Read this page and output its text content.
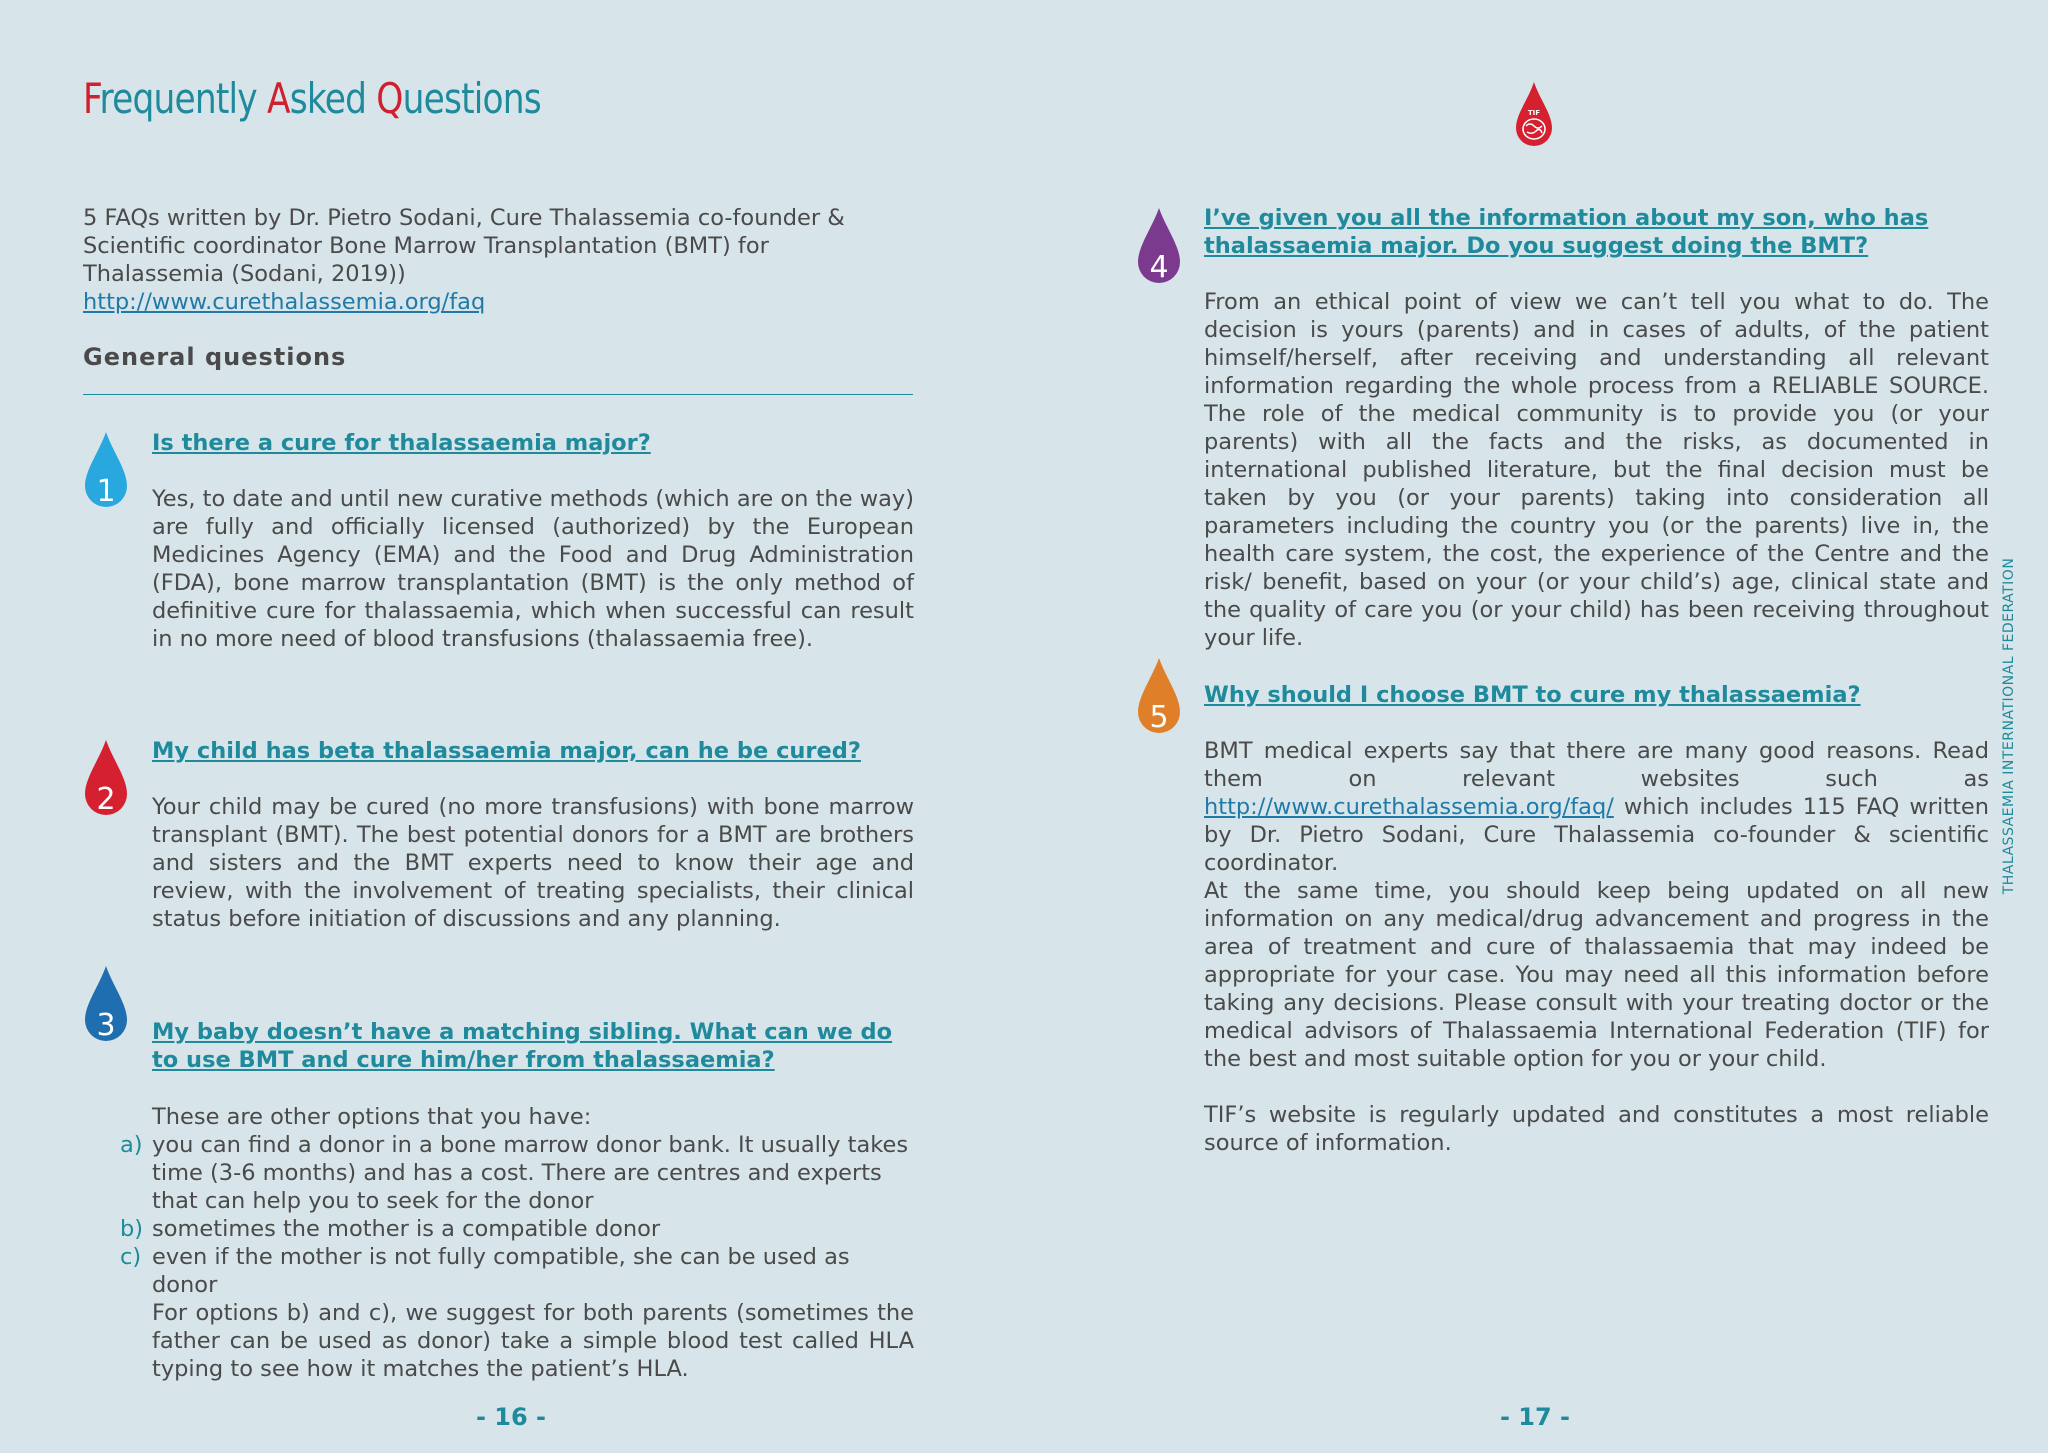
Frequently Asked Questions

5 FAQs written by Dr. Pietro Sodani, Cure Thalassemia co-founder & Scientific coordinator Bone Marrow Transplantation (BMT) for Thalassemia (Sodani, 2019))
http://www.curethalassemia.org/faq

General questions
1

Is there a cure for thalassaemia major?

Yes, to date and until new curative methods (which are on the way) are fully and officially licensed (authorized) by the European Medicines Agency (EMA) and the Food and Drug Administration (FDA), bone marrow transplantation (BMT) is the only method of definitive cure for thalassaemia, which when successful can result in no more need of blood transfusions (thalassaemia free).

2

My child has beta thalassaemia major, can he be cured?

Your child may be cured (no more transfusions) with bone marrow transplant (BMT). The best potential donors for a BMT are brothers and sisters and the BMT experts need to know their age and review, with the involvement of treating specialists, their clinical status before initiation of discussions and any planning.

3 My baby doesn’t have a matching sibling. What can we do to use BMT and cure him/her from thalassaemia?

These are other options that you have:

a) you can find a donor in a bone marrow donor bank. It usually takes time (3-6 months) and has a cost. There are centres and experts that can help you to seek for the donor
b) sometimes the mother is a compatible donor
c) even if the mother is not fully compatible, she can be used as donor

For options b) and c), we suggest for both parents (sometimes the father can be used as donor) take a simple blood test called HLA typing to see how it matches the patient’s HLA.

- 16 -
TIF
4

I’ve given you all the information about my son, who has thalassaemia major. Do you suggest doing the BMT?

From an ethical point of view we can’t tell you what to do. The decision is yours (parents) and in cases of adults, of the patient himself/herself, after receiving and understanding all relevant information regarding the whole process from a RELIABLE SOURCE. The role of the medical community is to provide you (or your parents) with all the facts and the risks, as documented in international published literature, but the final decision must be taken by you (or your parents) taking into consideration all parameters including the country you (or the parents) live in, the health care system, the cost, the experience of the Centre and the risk/ benefit, based on your (or your child’s) age, clinical state and the quality of care you (or your child) has been receiving throughout your life.

5

Why should I choose BMT to cure my thalassaemia?

BMT medical experts say that there are many good reasons. Read them on relevant websites such as http://www.curethalassemia.org/faq/ which includes 115 FAQ written by Dr. Pietro Sodani, Cure Thalassemia co-founder & scientific coordinator.

At the same time, you should keep being updated on all new information on any medical/drug advancement and progress in the area of treatment and cure of thalassaemia that may indeed be appropriate for your case. You may need all this information before taking any decisions. Please consult with your treating doctor or the medical advisors of Thalassaemia International Federation (TIF) for the best and most suitable option for you or your child.

TIF’s website is regularly updated and constitutes a most reliable source of information.

THALASSAEMIA INTERNATIONAL FEDERATION
- 17 -
